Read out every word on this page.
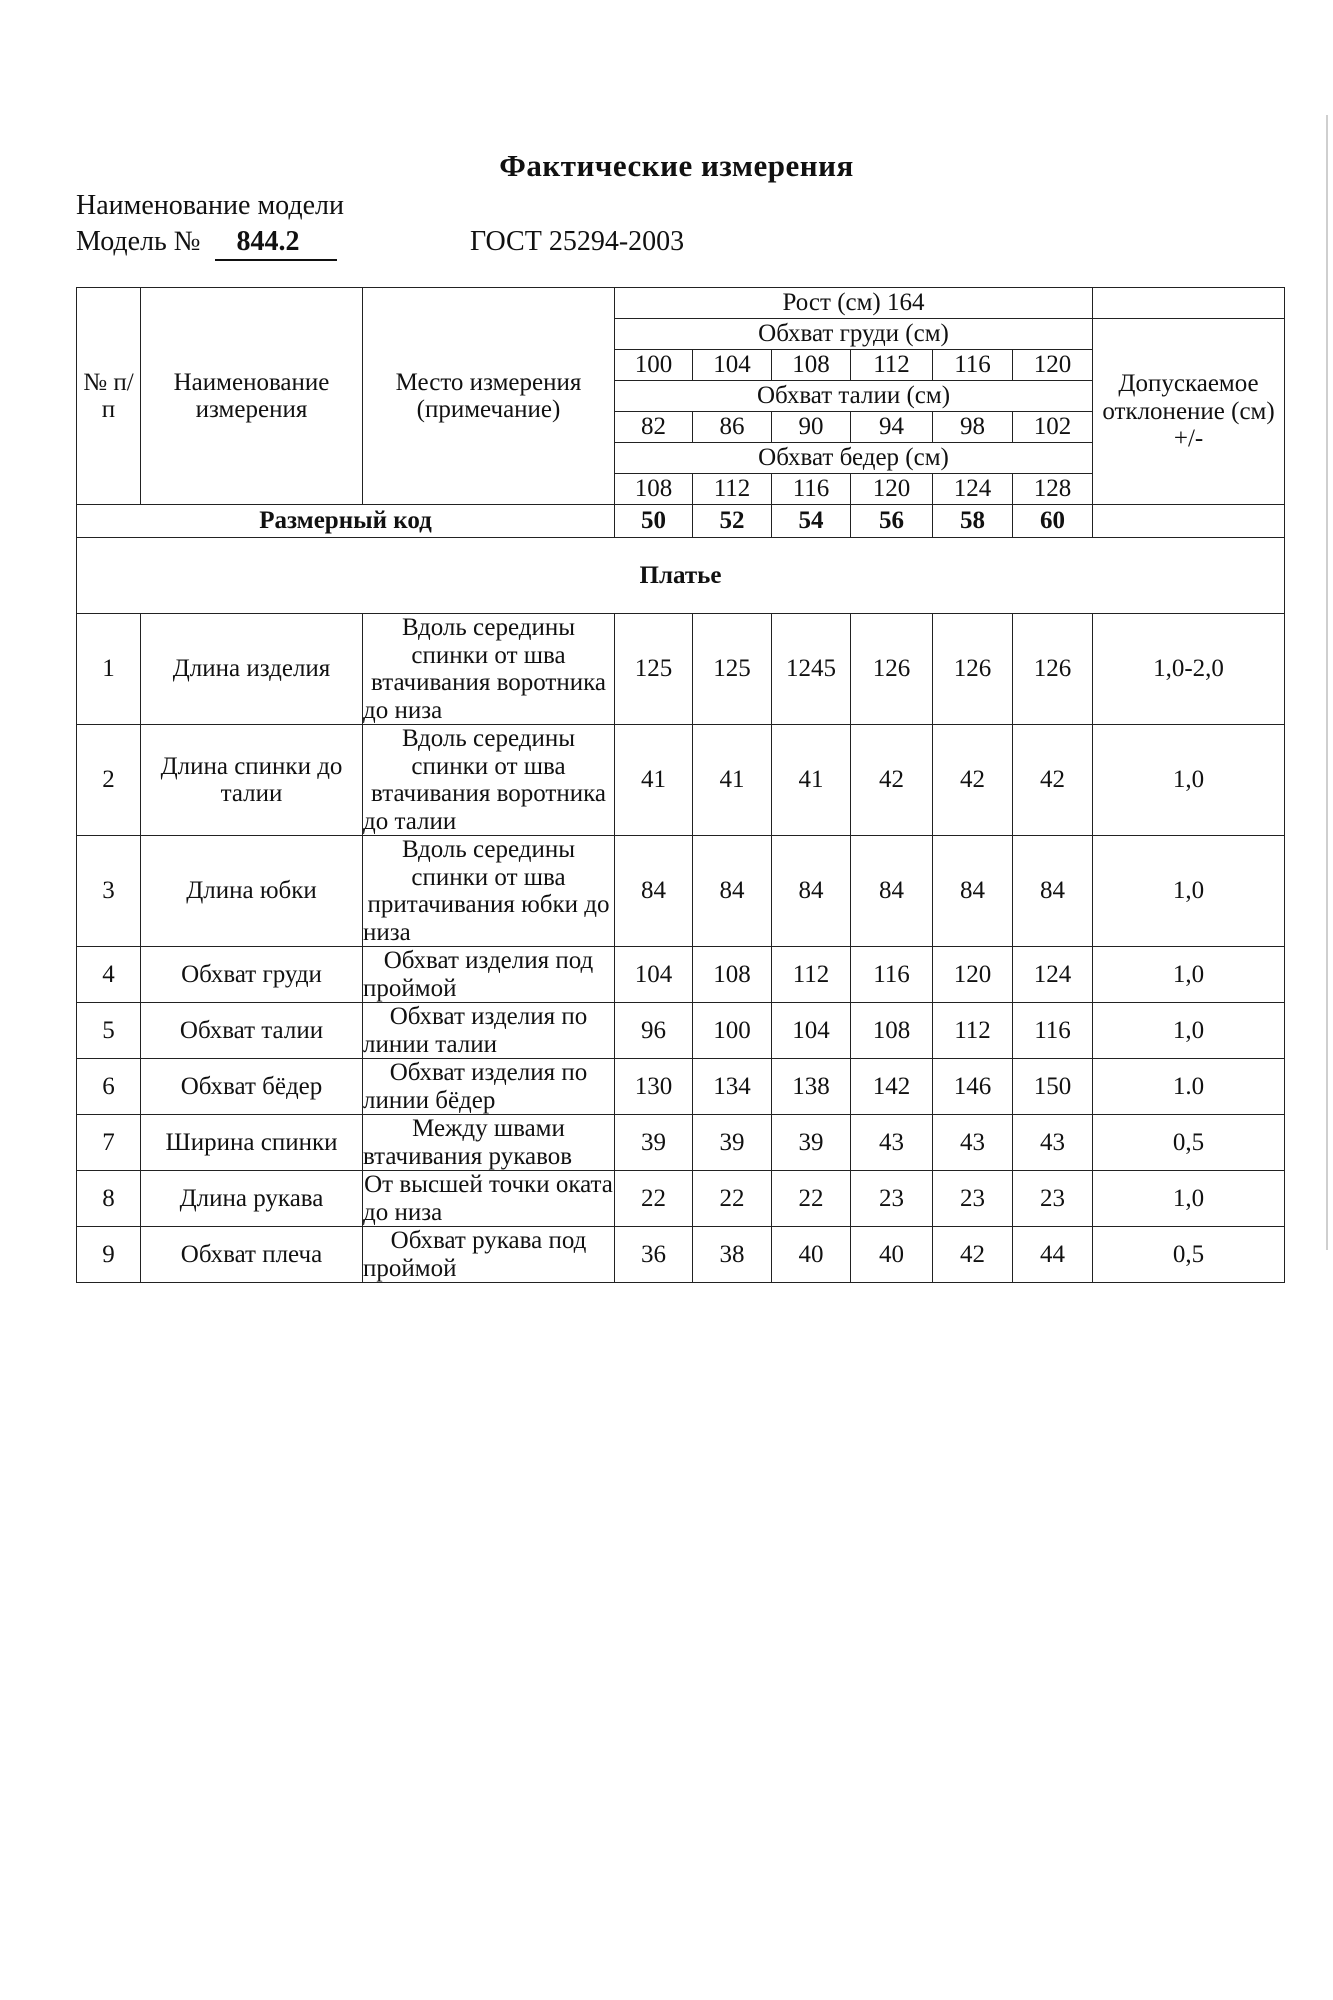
Фактические измерения
Наименование модели
Модель № 844.2	ГОСТ 25294-2003
№ п/п	Наименование измерения	Место измерения (примечание)	Рост (см) 164						
			Обхват груди (см)						Допускаемое отклонение (см) +/-
			100	104	108	112	116	120	
			Обхват талии (см)						
			82	86	90	94	98	102	
			Обхват бедер (см)						
			108	112	116	120	124	128	
Размерный код			50	52	54	56	58	60	
Платье									
1	Длина изделия	Вдоль середины спинки от шва втачивания воротника до низа	125	125	1245	126	126	126	1,0-2,0
2	Длина спинки до талии	Вдоль середины спинки от шва втачивания воротника до талии	41	41	41	42	42	42	1,0
3	Длина юбки	Вдоль середины спинки от шва притачивания юбки до низа	84	84	84	84	84	84	1,0
4	Обхват груди	Обхват изделия под проймой	104	108	112	116	120	124	1,0
5	Обхват талии	Обхват изделия по линии талии	96	100	104	108	112	116	1,0
6	Обхват бёдер	Обхват изделия по линии бёдер	130	134	138	142	146	150	1.0
7	Ширина спинки	Между швами втачивания рукавов	39	39	39	43	43	43	0,5
8	Длина рукава	От высшей точки оката до низа	22	22	22	23	23	23	1,0
9	Обхват плеча	Обхват рукава под проймой	36	38	40	40	42	44	0,5
